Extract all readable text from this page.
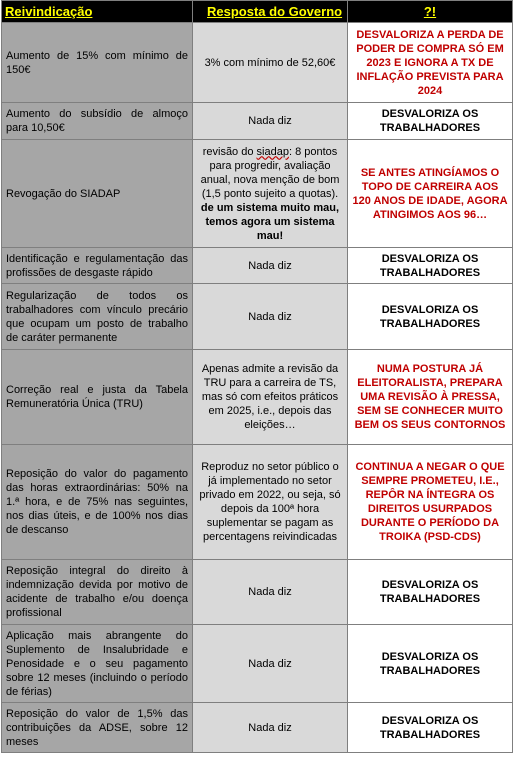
Reivindicação	Resposta do Governo	?!
Aumento de 15% com mínimo de 150€	3% com mínimo de 52,60€	DESVALORIZA A PERDA DE PODER DE COMPRA SÓ EM 2023 E IGNORA A TX DE INFLAÇÃO PREVISTA PARA 2024
Aumento do subsídio de almoço para 10,50€	Nada diz	DESVALORIZA OS TRABALHADORES
Revogação do SIADAP	revisão do siadap: 8 pontos para progredir, avaliação anual, nova menção de bom (1,5 ponto sujeito a quotas). de um sistema muito mau, temos agora um sistema mau!	SE ANTES ATINGÍAMOS O TOPO DE CARREIRA AOS 120 ANOS DE IDADE, AGORA ATINGIMOS AOS 96…
Identificação e regulamentação das profissões de desgaste rápido	Nada diz	DESVALORIZA OS TRABALHADORES
Regularização de todos os trabalhadores com vínculo precário que ocupam um posto de trabalho de caráter permanente	Nada diz	DESVALORIZA OS TRABALHADORES
Correção real e justa da Tabela Remuneratória Única (TRU)	Apenas admite a revisão da TRU para a carreira de TS, mas só com efeitos práticos em 2025, i.e., depois das eleições…	NUMA POSTURA JÁ ELEITORALISTA, PREPARA UMA REVISÃO À PRESSA, SEM SE CONHECER MUITO BEM OS SEUS CONTORNOS
Reposição do valor do pagamento das horas extraordinárias: 50% na 1.ª hora, e de 75% nas seguintes, nos dias úteis, e de 100% nos dias de descanso	Reproduz no setor público o já implementado no setor privado em 2022, ou seja, só depois da 100ª hora suplementar se pagam as percentagens reivindicadas	CONTINUA A NEGAR O QUE SEMPRE PROMETEU, I.E., REPÔR NA ÍNTEGRA OS DIREITOS USURPADOS DURANTE O PERÍODO DA TROIKA (PSD-CDS)
Reposição integral do direito à indemnização devida por motivo de acidente de trabalho e/ou doença profissional	Nada diz	DESVALORIZA OS TRABALHADORES
Aplicação mais abrangente do Suplemento de Insalubridade e Penosidade e o seu pagamento sobre 12 meses (incluindo o período de férias)	Nada diz	DESVALORIZA OS TRABALHADORES
Reposição do valor de 1,5% das contribuições da ADSE, sobre 12 meses	Nada diz	DESVALORIZA OS TRABALHADORES
